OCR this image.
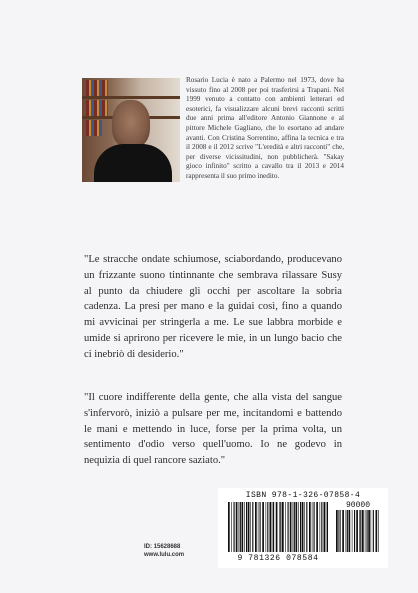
Rosario Lucia è nato a Palermo nel 1973, dove ha vissuto fino al 2008 per poi trasferirsi a Trapani. Nel 1999 venuto a contatto con ambienti letterari ed esoterici, fa visualizzare alcuni brevi racconti scritti due anni prima all'editore Antonio Giannone e al pittore Michele Gagliano, che lo esortano ad andare avanti. Con Cristina Sorrentino, affina la tecnica e tra il 2008 e il 2012 scrive "L'eredità e altri racconti" che, per diverse vicissitudini, non pubblicherà. "Sakay gioco infinito" scritto a cavallo tra il 2013 e 2014 rappresenta il suo primo inedito.
"Le stracche ondate schiumose, sciabordando, producevano un frizzante suono tintinnante che sembrava rilassare Susy al punto da chiudere gli occhi per ascoltare la sobria cadenza. La presi per mano e la guidai così, fino a quando mi avvicinai per stringerla a me. Le sue labbra morbide e umide si aprirono per ricevere le mie, in un lungo bacio che ci inebriò di desiderio."
"Il cuore indifferente della gente, che alla vista del sangue s'infervorò, iniziò a pulsare per me, incitandomi e battendo le mani e mettendo in luce, forse per la prima volta, un sentimento d'odio verso quell'uomo. Io ne godevo in nequizia di quel rancore saziato."
ID: 15628688
www.lulu.com
ISBN 978-1-326-07858-4
90000
9 781326 078584
